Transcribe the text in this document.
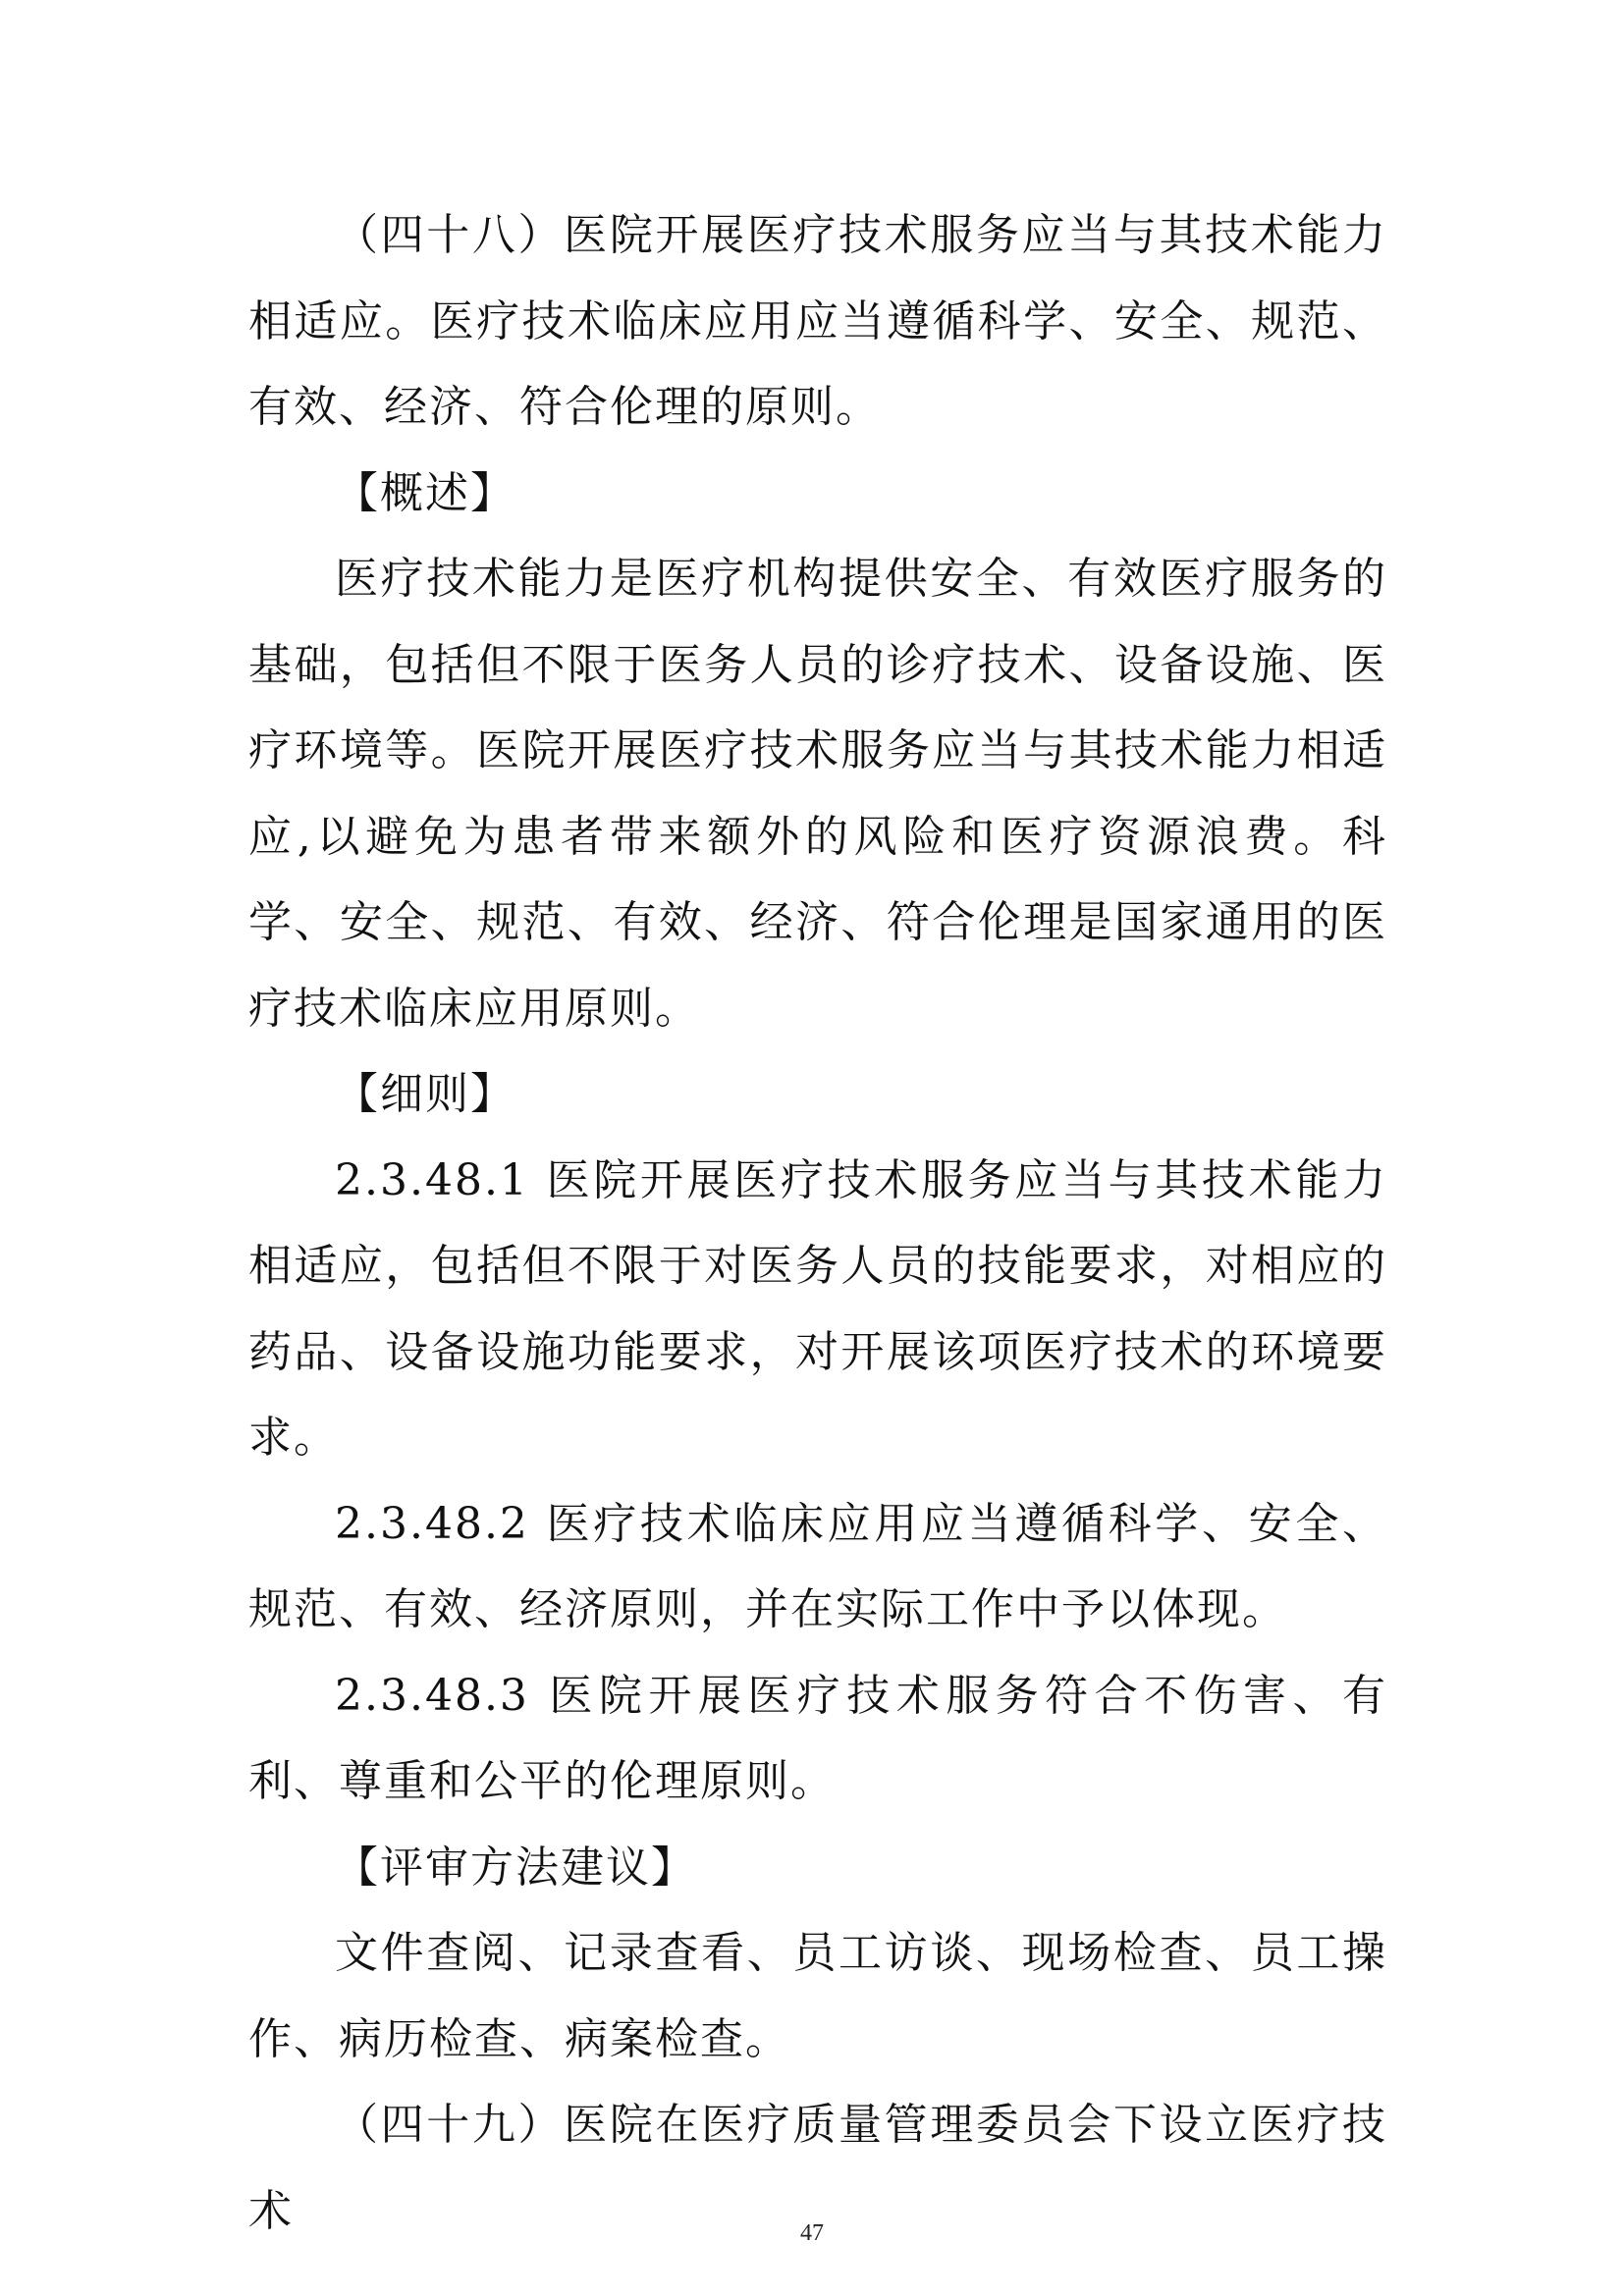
（四十八）医院开展医疗技术服务应当与其技术能力相适应。医疗技术临床应用应当遵循科学、安全、规范、有效、经济、符合伦理的原则。

【概述】

医疗技术能力是医疗机构提供安全、有效医疗服务的基础，包括但不限于医务人员的诊疗技术、设备设施、医疗环境等。医院开展医疗技术服务应当与其技术能力相适应,以避免为患者带来额外的风险和医疗资源浪费。科学、安全、规范、有效、经济、符合伦理是国家通用的医疗技术临床应用原则。

【细则】

2.3.48.1 医院开展医疗技术服务应当与其技术能力相适应，包括但不限于对医务人员的技能要求，对相应的药品、设备设施功能要求，对开展该项医疗技术的环境要求。

2.3.48.2 医疗技术临床应用应当遵循科学、安全、规范、有效、经济原则，并在实际工作中予以体现。

2.3.48.3 医院开展医疗技术服务符合不伤害、有利、尊重和公平的伦理原则。

【评审方法建议】

文件查阅、记录查看、员工访谈、现场检查、员工操作、病历检查、病案检查。

（四十九）医院在医疗质量管理委员会下设立医疗技术	47
